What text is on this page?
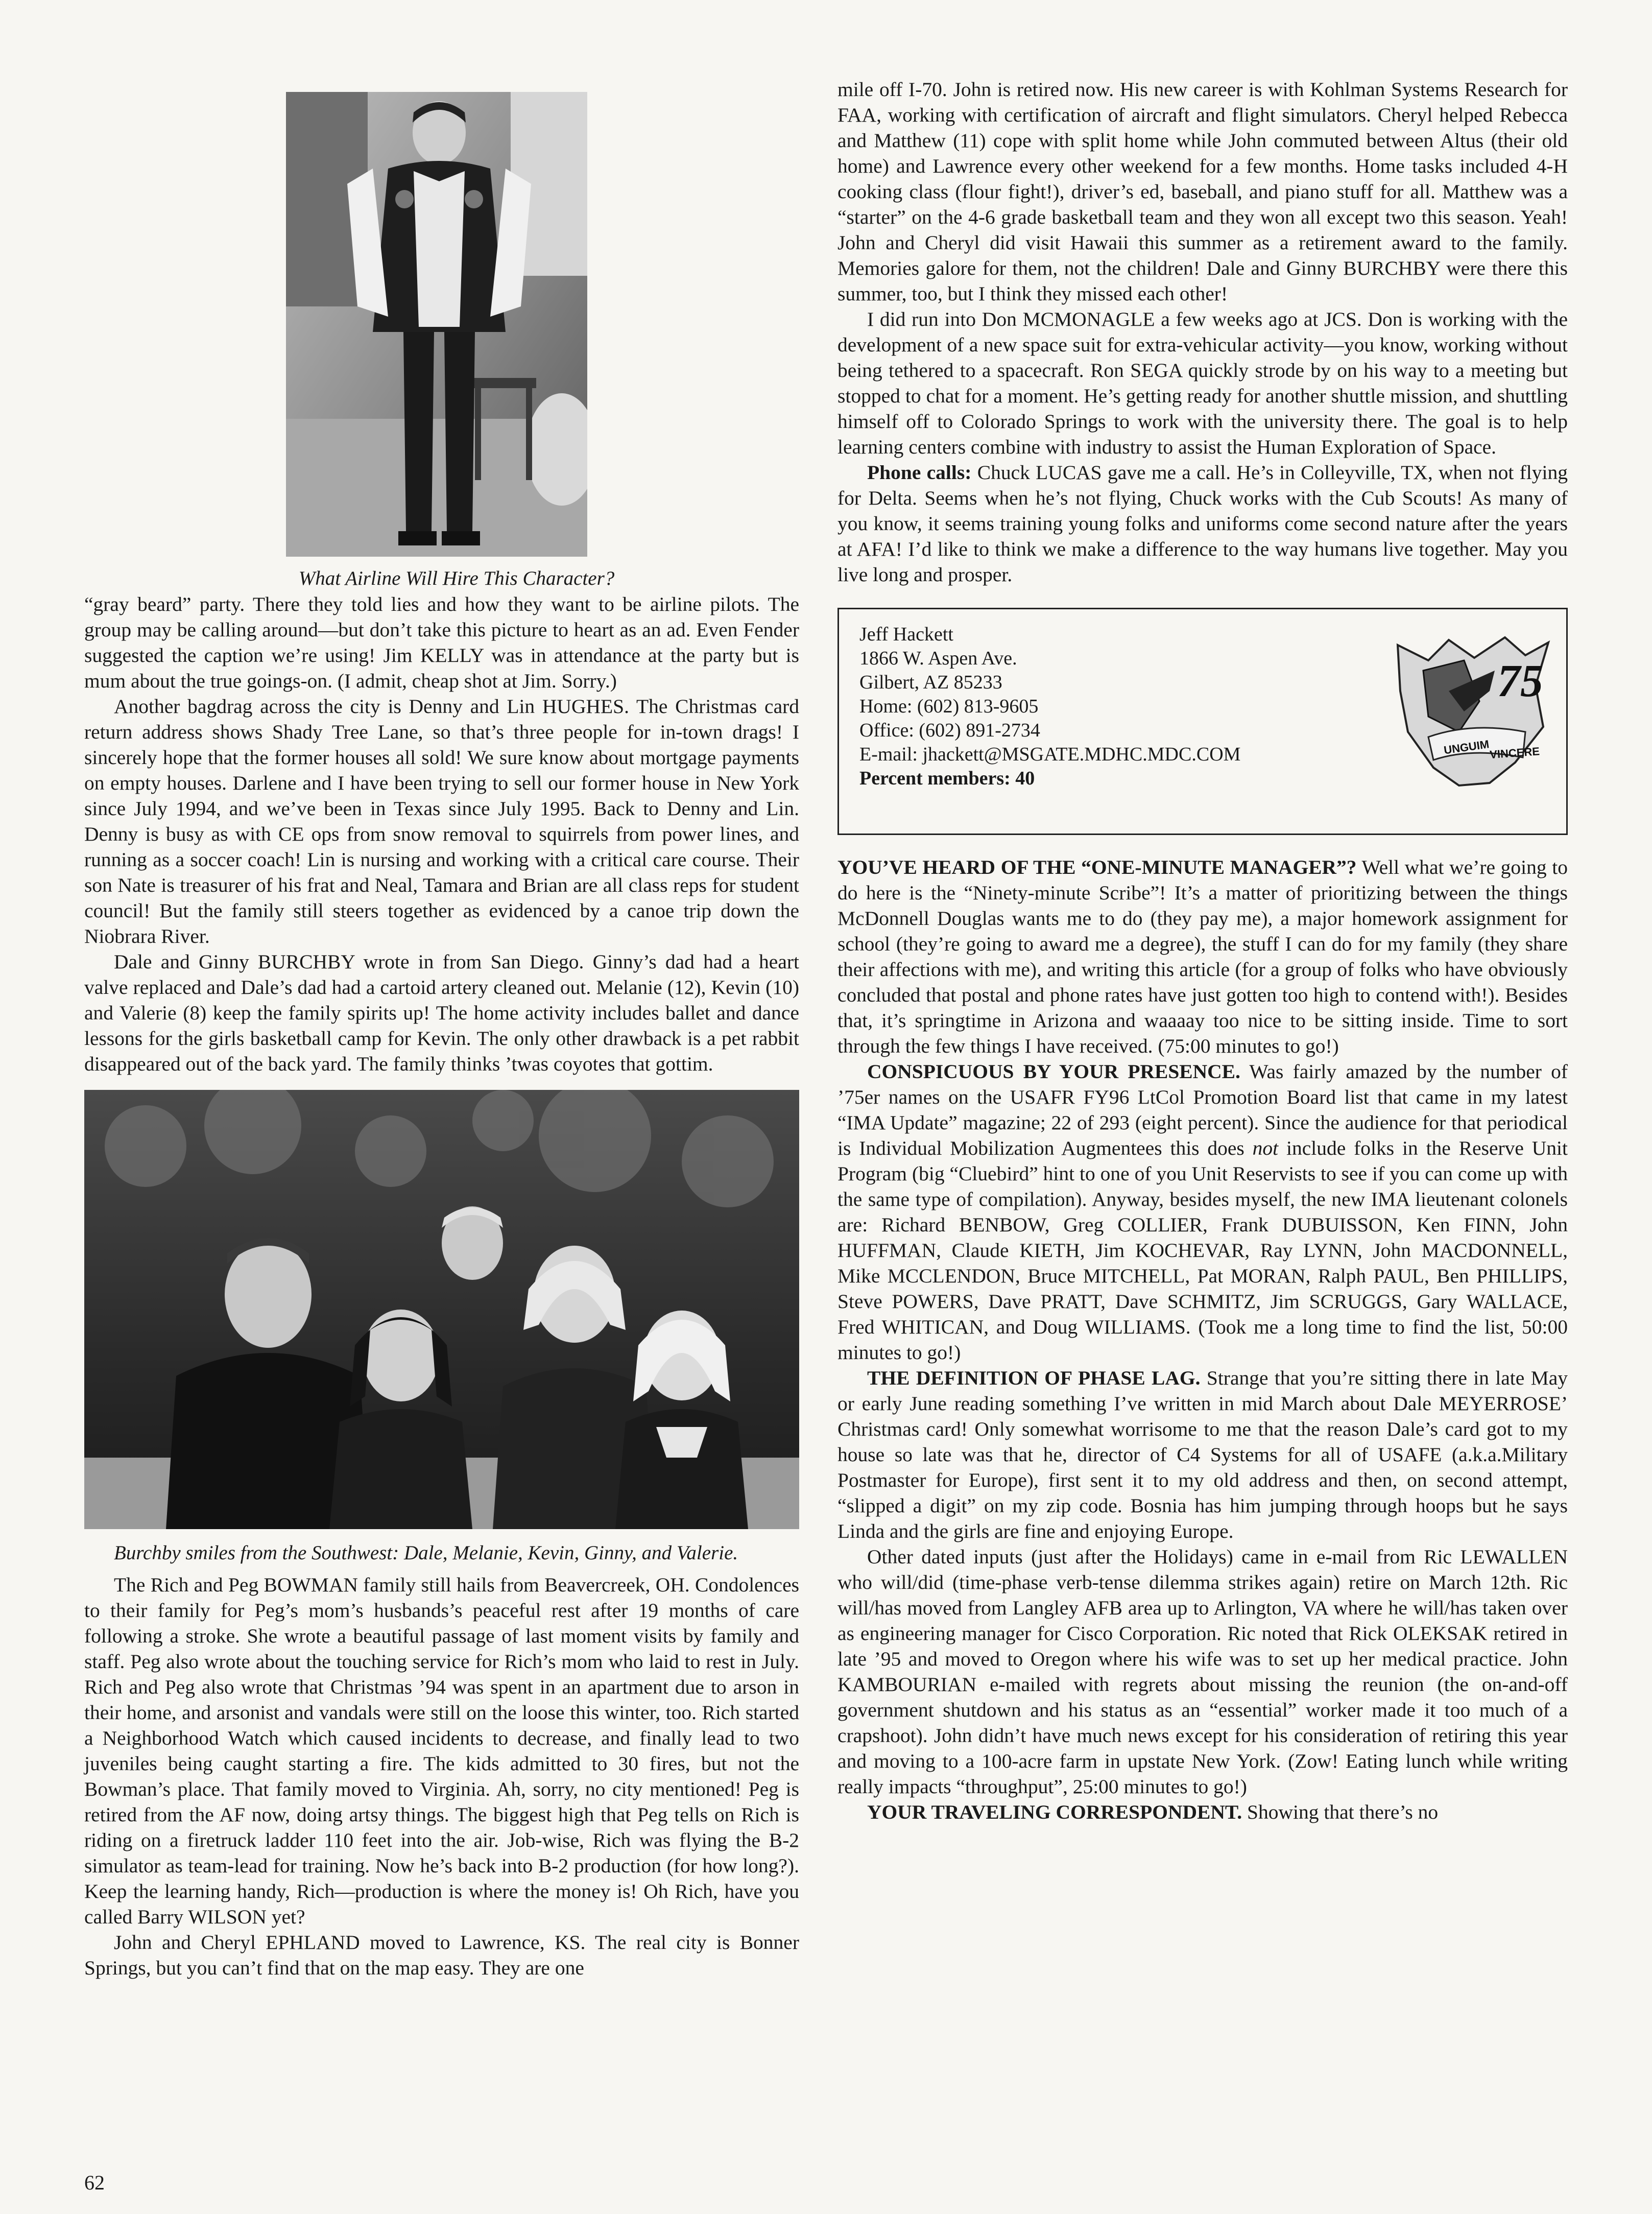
What Airline Will Hire This Character?

“gray beard” party. There they told lies and how they want to be airline pilots. The group may be calling around—but don’t take this picture to heart as an ad. Even Fender suggested the caption we’re using! Jim KELLY was in attendance at the party but is mum about the true goings-on. (I admit, cheap shot at Jim. Sorry.)

Another bagdrag across the city is Denny and Lin HUGHES. The Christmas card return address shows Shady Tree Lane, so that’s three people for in-town drags! I sincerely hope that the former houses all sold! We sure know about mortgage payments on empty houses. Darlene and I have been trying to sell our former house in New York since July 1994, and we’ve been in Texas since July 1995. Back to Denny and Lin. Denny is busy as with CE ops from snow removal to squirrels from power lines, and running as a soccer coach! Lin is nursing and working with a critical care course. Their son Nate is treasurer of his frat and Neal, Tamara and Brian are all class reps for student council! But the family still steers together as evidenced by a canoe trip down the Niobrara River.

Dale and Ginny BURCHBY wrote in from San Diego. Ginny’s dad had a heart valve replaced and Dale’s dad had a cartoid artery cleaned out. Melanie (12), Kevin (10) and Valerie (8) keep the family spirits up! The home activity includes ballet and dance lessons for the girls basketball camp for Kevin. The only other drawback is a pet rabbit disappeared out of the back yard. The family thinks ’twas coyotes that gottim.

Burchby smiles from the Southwest: Dale, Melanie, Kevin, Ginny, and Valerie.

The Rich and Peg BOWMAN family still hails from Beavercreek, OH. Condolences to their family for Peg’s mom’s husbands’s peaceful rest after 19 months of care following a stroke. She wrote a beautiful passage of last moment visits by family and staff. Peg also wrote about the touching service for Rich’s mom who laid to rest in July. Rich and Peg also wrote that Christmas ’94 was spent in an apartment due to arson in their home, and arsonist and vandals were still on the loose this winter, too. Rich started a Neighborhood Watch which caused incidents to decrease, and finally lead to two juveniles being caught starting a fire. The kids admitted to 30 fires, but not the Bowman’s place. That family moved to Virginia. Ah, sorry, no city mentioned! Peg is retired from the AF now, doing artsy things. The biggest high that Peg tells on Rich is riding on a firetruck ladder 110 feet into the air. Job-wise, Rich was flying the B-2 simulator as team-lead for training. Now he’s back into B-2 production (for how long?). Keep the learning handy, Rich—production is where the money is! Oh Rich, have you called Barry WILSON yet?

John and Cheryl EPHLAND moved to Lawrence, KS. The real city is Bonner Springs, but you can’t find that on the map easy. They are one

mile off I-70. John is retired now. His new career is with Kohlman Systems Research for FAA, working with certification of aircraft and flight simulators. Cheryl helped Rebecca and Matthew (11) cope with split home while John commuted between Altus (their old home) and Lawrence every other weekend for a few months. Home tasks included 4-H cooking class (flour fight!), driver’s ed, baseball, and piano stuff for all. Matthew was a “starter” on the 4-6 grade basketball team and they won all except two this season. Yeah! John and Cheryl did visit Hawaii this summer as a retirement award to the family. Memories galore for them, not the children! Dale and Ginny BURCHBY were there this summer, too, but I think they missed each other!

I did run into Don MCMONAGLE a few weeks ago at JCS. Don is working with the development of a new space suit for extra-vehicular activity—you know, working without being tethered to a spacecraft. Ron SEGA quickly strode by on his way to a meeting but stopped to chat for a moment. He’s getting ready for another shuttle mission, and shuttling himself off to Colorado Springs to work with the university there. The goal is to help learning centers combine with industry to assist the Human Exploration of Space.

Phone calls: Chuck LUCAS gave me a call. He’s in Colleyville, TX, when not flying for Delta. Seems when he’s not flying, Chuck works with the Cub Scouts! As many of you know, it seems training young folks and uniforms come second nature after the years at AFA! I’d like to think we make a difference to the way humans live together. May you live long and prosper.

Jeff Hackett

1866 W. Aspen Ave.

Gilbert, AZ 85233

Home: (602) 813-9605

Office: (602) 891-2734

E-mail: jhackett@MSGATE.MDHC.MDC.COM

Percent members: 40

75
UNGUIM
VINCERE

YOU’VE HEARD OF THE “ONE-MINUTE MANAGER”? Well what we’re going to do here is the “Ninety-minute Scribe”! It’s a matter of prioritizing between the things McDonnell Douglas wants me to do (they pay me), a major homework assignment for school (they’re going to award me a degree), the stuff I can do for my family (they share their affections with me), and writing this article (for a group of folks who have obviously concluded that postal and phone rates have just gotten too high to contend with!). Besides that, it’s springtime in Arizona and waaaay too nice to be sitting inside. Time to sort through the few things I have received. (75:00 minutes to go!)

CONSPICUOUS BY YOUR PRESENCE. Was fairly amazed by the number of ’75er names on the USAFR FY96 LtCol Promotion Board list that came in my latest “IMA Update” magazine; 22 of 293 (eight percent). Since the audience for that periodical is Individual Mobilization Augmentees this does not include folks in the Reserve Unit Program (big “Cluebird” hint to one of you Unit Reservists to see if you can come up with the same type of compilation). Anyway, besides myself, the new IMA lieutenant colonels are: Richard BENBOW, Greg COLLIER, Frank DUBUISSON, Ken FINN, John HUFFMAN, Claude KIETH, Jim KOCHEVAR, Ray LYNN, John MACDONNELL, Mike MCCLENDON, Bruce MITCHELL, Pat MORAN, Ralph PAUL, Ben PHILLIPS, Steve POWERS, Dave PRATT, Dave SCHMITZ, Jim SCRUGGS, Gary WALLACE, Fred WHITICAN, and Doug WILLIAMS. (Took me a long time to find the list, 50:00 minutes to go!)

THE DEFINITION OF PHASE LAG. Strange that you’re sitting there in late May or early June reading something I’ve written in mid March about Dale MEYERROSE’ Christmas card! Only somewhat worrisome to me that the reason Dale’s card got to my house so late was that he, director of C4 Systems for all of USAFE (a.k.a.Military Postmaster for Europe), first sent it to my old address and then, on second attempt, “slipped a digit” on my zip code. Bosnia has him jumping through hoops but he says Linda and the girls are fine and enjoying Europe.

Other dated inputs (just after the Holidays) came in e-mail from Ric LEWALLEN who will/did (time-phase verb-tense dilemma strikes again) retire on March 12th. Ric will/has moved from Langley AFB area up to Arlington, VA where he will/has taken over as engineering manager for Cisco Corporation. Ric noted that Rick OLEKSAK retired in late ’95 and moved to Oregon where his wife was to set up her medical practice. John KAMBOURIAN e-mailed with regrets about missing the reunion (the on-and-off government shutdown and his status as an “essential” worker made it too much of a crapshoot). John didn’t have much news except for his consideration of retiring this year and moving to a 100-acre farm in upstate New York. (Zow! Eating lunch while writing really impacts “throughput”, 25:00 minutes to go!)

YOUR TRAVELING CORRESPONDENT. Showing that there’s no

62
